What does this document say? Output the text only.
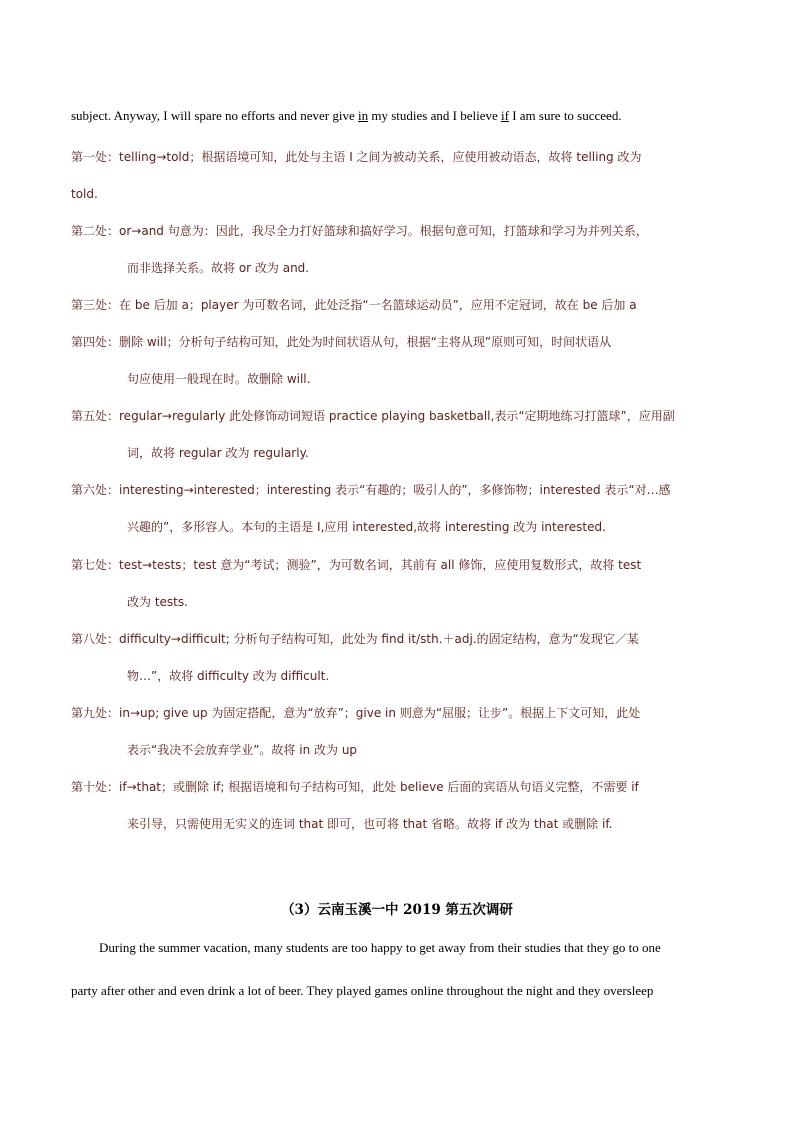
subject. Anyway, I will spare no efforts and never give in my studies and I believe if I am sure to succeed.
第一处：telling→told；根据语境可知，此处与主语 I 之间为被动关系，应使用被动语态，故将 telling 改为
told.
第二处：or→and 句意为：因此，我尽全力打好篮球和搞好学习。根据句意可知，打篮球和学习为并列关系，
而非选择关系。故将 or 改为 and.
第三处：在 be 后加 a；player 为可数名词，此处泛指“一名篮球运动员”，应用不定冠词，故在 be 后加 a
第四处：删除 will；分析句子结构可知，此处为时间状语从句，根据“主将从现”原则可知，时间状语从
句应使用一般现在时。故删除 will.
第五处：regular→regularly 此处修饰动词短语 practice playing basketball,表示“定期地练习打篮球”，应用副
词，故将 regular 改为 regularly.
第六处：interesting→interested；interesting 表示“有趣的；吸引人的”，多修饰物；interested 表示“对…感
兴趣的”，多形容人。本句的主语是 I,应用 interested,故将 interesting 改为 interested.
第七处：test→tests；test 意为“考试；测验”，为可数名词，其前有 all 修饰，应使用复数形式，故将 test
改为 tests.
第八处：difficulty→difficult; 分析句子结构可知，此处为 find it/sth.＋adj.的固定结构，意为“发现它／某
物…”，故将 difficulty 改为 difficult.
第九处：in→up; give up 为固定搭配，意为“放弃”；give in 则意为“屈服；让步”。根据上下文可知，此处
表示“我决不会放弃学业”。故将 in 改为 up
第十处：if→that；或删除 if; 根据语境和句子结构可知，此处 believe 后面的宾语从句语义完整，不需要 if
来引导，只需使用无实义的连词 that 即可，也可将 that 省略。故将 if 改为 that 或删除 if.
（3）云南玉溪一中 2019 第五次调研
During the summer vacation, many students are too happy to get away from their studies that they go to one
party after other and even drink a lot of beer. They played games online throughout the night and they oversleep
